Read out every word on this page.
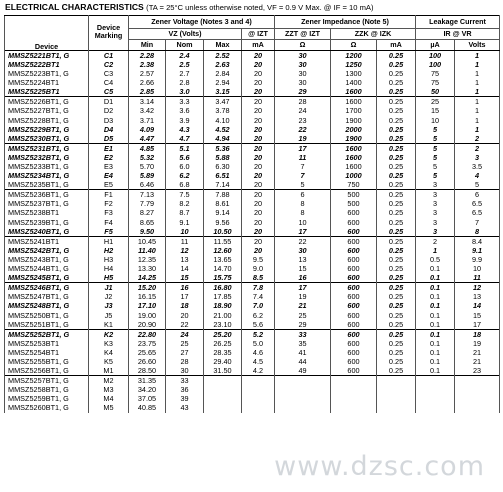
ELECTRICAL CHARACTERISTICS (TA = 25°C unless otherwise noted, VF = 0.9 V Max. @ IF = 10 mA)
Device	Device Marking	Zener Voltage (Notes 3 and 4)				Zener Impedance (Note 5)			Leakage Current	
		VZ (Volts)			@ IZT	ZZT @ IZT	ZZK @ IZK		IR @ VR	
		Min	Nom	Max	mA	Ω	Ω	mA	µA	Volts
MMSZ5221BT1, G	C1	2.28	2.4	2.52	20	30	1200	0.25	100	1
MMSZ5222BT1	C2	2.38	2.5	2.63	20	30	1250	0.25	100	1
MMSZ5223BT1, G	C3	2.57	2.7	2.84	20	30	1300	0.25	75	1
MMSZ5224BT1	C4	2.66	2.8	2.94	20	30	1400	0.25	75	1
MMSZ5225BT1	C5	2.85	3.0	3.15	20	29	1600	0.25	50	1
MMSZ5226BT1, G	D1	3.14	3.3	3.47	20	28	1600	0.25	25	1
MMSZ5227BT1, G	D2	3.42	3.6	3.78	20	24	1700	0.25	15	1
MMSZ5228BT1, G	D3	3.71	3.9	4.10	20	23	1900	0.25	10	1
MMSZ5229BT1, G	D4	4.09	4.3	4.52	20	22	2000	0.25	5	1
MMSZ5230BT1, G	D5	4.47	4.7	4.94	20	19	1900	0.25	5	2
MMSZ5231BT1, G	E1	4.85	5.1	5.36	20	17	1600	0.25	5	2
MMSZ5232BT1, G	E2	5.32	5.6	5.88	20	11	1600	0.25	5	3
MMSZ5233BT1, G	E3	5.70	6.0	6.30	20	7	1600	0.25	5	3.5
MMSZ5234BT1, G	E4	5.89	6.2	6.51	20	7	1000	0.25	5	4
MMSZ5235BT1, G	E5	6.46	6.8	7.14	20	5	750	0.25	3	5
MMSZ5236BT1, G	F1	7.13	7.5	7.88	20	6	500	0.25	3	6
MMSZ5237BT1, G	F2	7.79	8.2	8.61	20	8	500	0.25	3	6.5
MMSZ5238BT1	F3	8.27	8.7	9.14	20	8	600	0.25	3	6.5
MMSZ5239BT1, G	F4	8.65	9.1	9.56	20	10	600	0.25	3	7
MMSZ5240BT1, G	F5	9.50	10	10.50	20	17	600	0.25	3	8
MMSZ5241BT1	H1	10.45	11	11.55	20	22	600	0.25	2	8.4
MMSZ5242BT1, G	H2	11.40	12	12.60	20	30	600	0.25	1	9.1
MMSZ5243BT1, G	H3	12.35	13	13.65	9.5	13	600	0.25	0.5	9.9
MMSZ5244BT1, G	H4	13.30	14	14.70	9.0	15	600	0.25	0.1	10
MMSZ5245BT1, G	H5	14.25	15	15.75	8.5	16	600	0.25	0.1	11
MMSZ5246BT1, G	J1	15.20	16	16.80	7.8	17	600	0.25	0.1	12
MMSZ5247BT1, G	J2	16.15	17	17.85	7.4	19	600	0.25	0.1	13
MMSZ5248BT1, G	J3	17.10	18	18.90	7.0	21	600	0.25	0.1	14
MMSZ5250BT1, G	J5	19.00	20	21.00	6.2	25	600	0.25	0.1	15
MMSZ5251BT1, G	K1	20.90	22	23.10	5.6	29	600	0.25	0.1	17
MMSZ5252BT1, G	K2	22.80	24	25.20	5.2	33	600	0.25	0.1	18
MMSZ5253BT1	K3	23.75	25	26.25	5.0	35	600	0.25	0.1	19
MMSZ5254BT1	K4	25.65	27	28.35	4.6	41	600	0.25	0.1	21
MMSZ5255BT1, G	K5	26.60	28	29.40	4.5	44	600	0.25	0.1	21
MMSZ5256BT1, G	M1	28.50	30	31.50	4.2	49	600	0.25	0.1	23
MMSZ5257BT1, G	M2	31.35	33							
MMSZ5258BT1, G	M3	34.20	36							
MMSZ5259BT1, G	M4	37.05	39							
MMSZ5260BT1, G	M5	40.85	43							
www.dzsc.com
